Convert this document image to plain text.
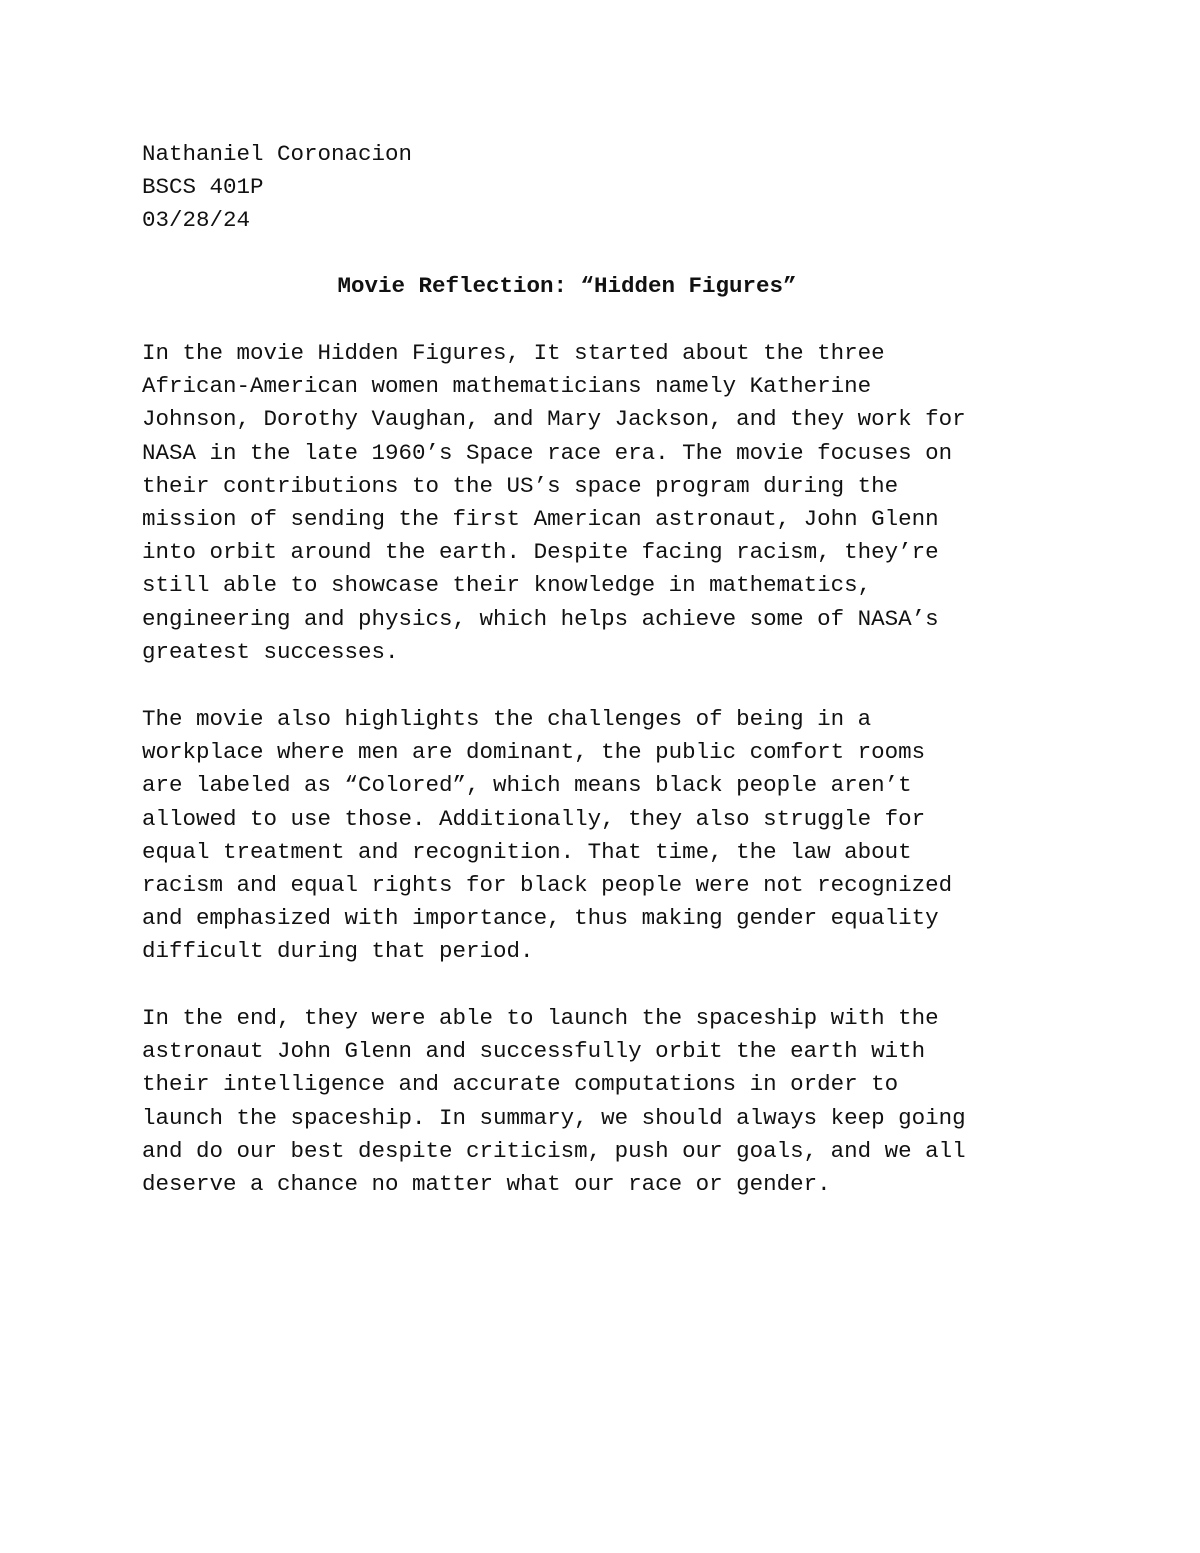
Nathaniel Coronacion
BSCS 401P
03/28/24
Movie Reflection: “Hidden Figures”
In the movie Hidden Figures, It started about the three
African-American women mathematicians namely Katherine
Johnson, Dorothy Vaughan, and Mary Jackson, and they work for
NASA in the late 1960’s Space race era. The movie focuses on
their contributions to the US’s space program during the
mission of sending the first American astronaut, John Glenn
into orbit around the earth. Despite facing racism, they’re
still able to showcase their knowledge in mathematics,
engineering and physics, which helps achieve some of NASA’s
greatest successes.
The movie also highlights the challenges of being in a
workplace where men are dominant, the public comfort rooms
are labeled as “Colored”, which means black people aren’t
allowed to use those. Additionally, they also struggle for
equal treatment and recognition. That time, the law about
racism and equal rights for black people were not recognized
and emphasized with importance, thus making gender equality
difficult during that period.
In the end, they were able to launch the spaceship with the
astronaut John Glenn and successfully orbit the earth with
their intelligence and accurate computations in order to
launch the spaceship. In summary, we should always keep going
and do our best despite criticism, push our goals, and we all
deserve a chance no matter what our race or gender.
